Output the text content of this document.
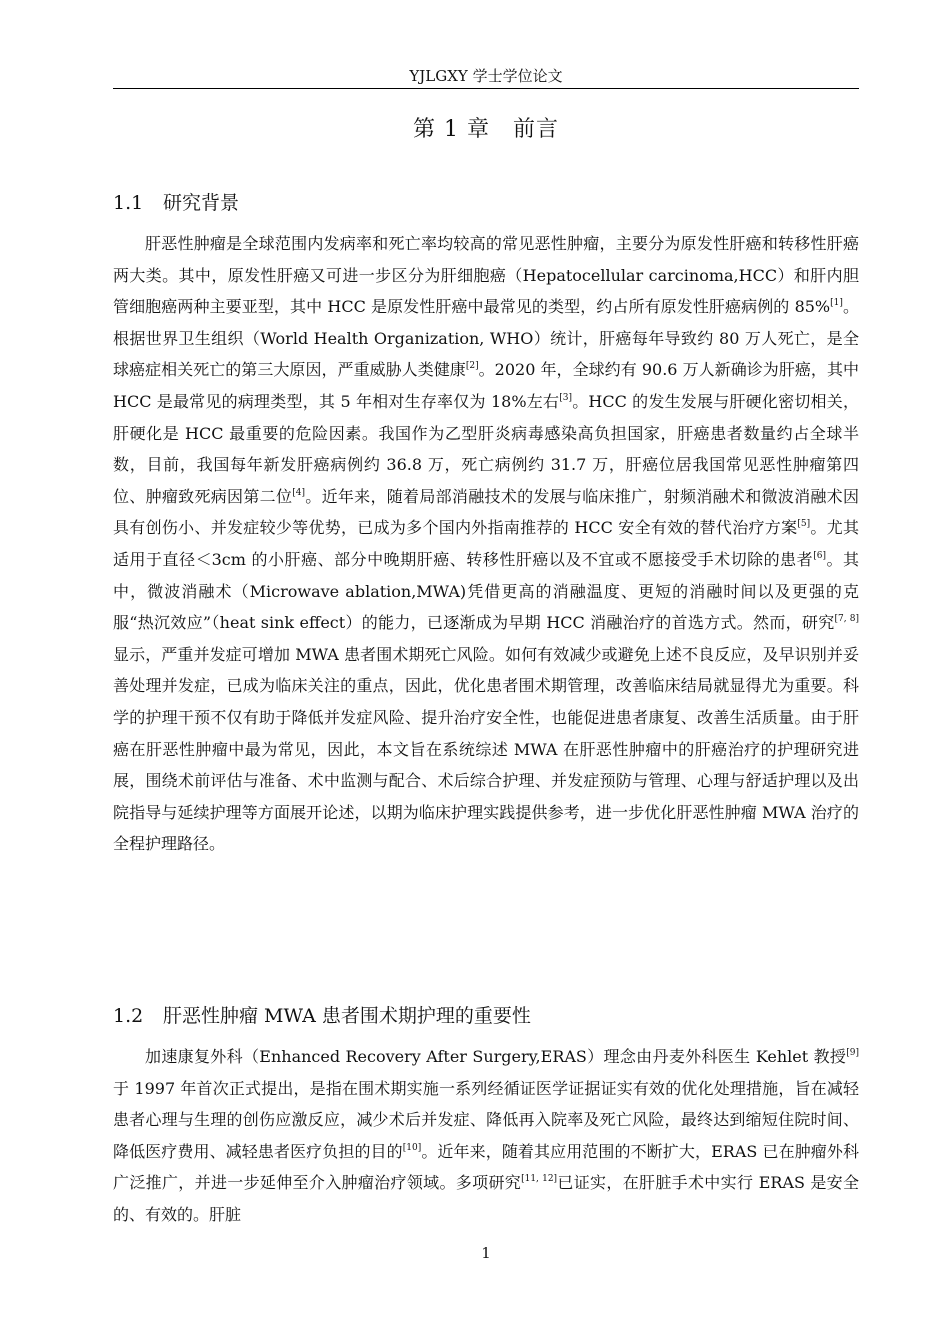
YJLGXY 学士学位论文
第 1 章　前言
1.1 研究背景

肝恶性肿瘤是全球范围内发病率和死亡率均较高的常见恶性肿瘤，主要分为原发性肝癌和转移性肝癌两大类。其中，原发性肝癌又可进一步区分为肝细胞癌（Hepatocellular carcinoma,HCC）和肝内胆管细胞癌两种主要亚型，其中 HCC 是原发性肝癌中最常见的类型，约占所有原发性肝癌病例的 85%[1]。根据世界卫生组织（World Health Organization, WHO）统计，肝癌每年导致约 80 万人死亡，是全球癌症相关死亡的第三大原因，严重威胁人类健康[2]。2020 年，全球约有 90.6 万人新确诊为肝癌，其中 HCC 是最常见的病理类型，其 5 年相对生存率仅为 18%左右[3]。HCC 的发生发展与肝硬化密切相关，肝硬化是 HCC 最重要的危险因素。我国作为乙型肝炎病毒感染高负担国家，肝癌患者数量约占全球半数，目前，我国每年新发肝癌病例约 36.8 万，死亡病例约 31.7 万，肝癌位居我国常见恶性肿瘤第四位、肿瘤致死病因第二位[4]。近年来，随着局部消融技术的发展与临床推广，射频消融术和微波消融术因具有创伤小、并发症较少等优势，已成为多个国内外指南推荐的 HCC 安全有效的替代治疗方案[5]。尤其适用于直径＜3cm 的小肝癌、部分中晚期肝癌、转移性肝癌以及不宜或不愿接受手术切除的患者[6]。其中，微波消融术（Microwave ablation,MWA)凭借更高的消融温度、更短的消融时间以及更强的克服“热沉效应”（heat sink effect）的能力，已逐渐成为早期 HCC 消融治疗的首选方式。然而，研究[7, 8]显示，严重并发症可增加 MWA 患者围术期死亡风险。如何有效减少或避免上述不良反应，及早识别并妥善处理并发症，已成为临床关注的重点，因此，优化患者围术期管理，改善临床结局就显得尤为重要。科学的护理干预不仅有助于降低并发症风险、提升治疗安全性，也能促进患者康复、改善生活质量。由于肝癌在肝恶性肿瘤中最为常见，因此，本文旨在系统综述 MWA 在肝恶性肿瘤中的肝癌治疗的护理研究进展，围绕术前评估与准备、术中监测与配合、术后综合护理、并发症预防与管理、心理与舒适护理以及出院指导与延续护理等方面展开论述，以期为临床护理实践提供参考，进一步优化肝恶性肿瘤 MWA 治疗的全程护理路径。

1.2 肝恶性肿瘤 MWA 患者围术期护理的重要性

加速康复外科（Enhanced Recovery After Surgery,ERAS）理念由丹麦外科医生 Kehlet 教授[9]于 1997 年首次正式提出，是指在围术期实施一系列经循证医学证据证实有效的优化处理措施，旨在减轻患者心理与生理的创伤应激反应，减少术后并发症、降低再入院率及死亡风险，最终达到缩短住院时间、降低医疗费用、减轻患者医疗负担的目的[10]。近年来，随着其应用范围的不断扩大，ERAS 已在肿瘤外科广泛推广，并进一步延伸至介入肿瘤治疗领域。多项研究[11, 12]已证实，在肝脏手术中实行 ERAS 是安全的、有效的。肝脏

1
